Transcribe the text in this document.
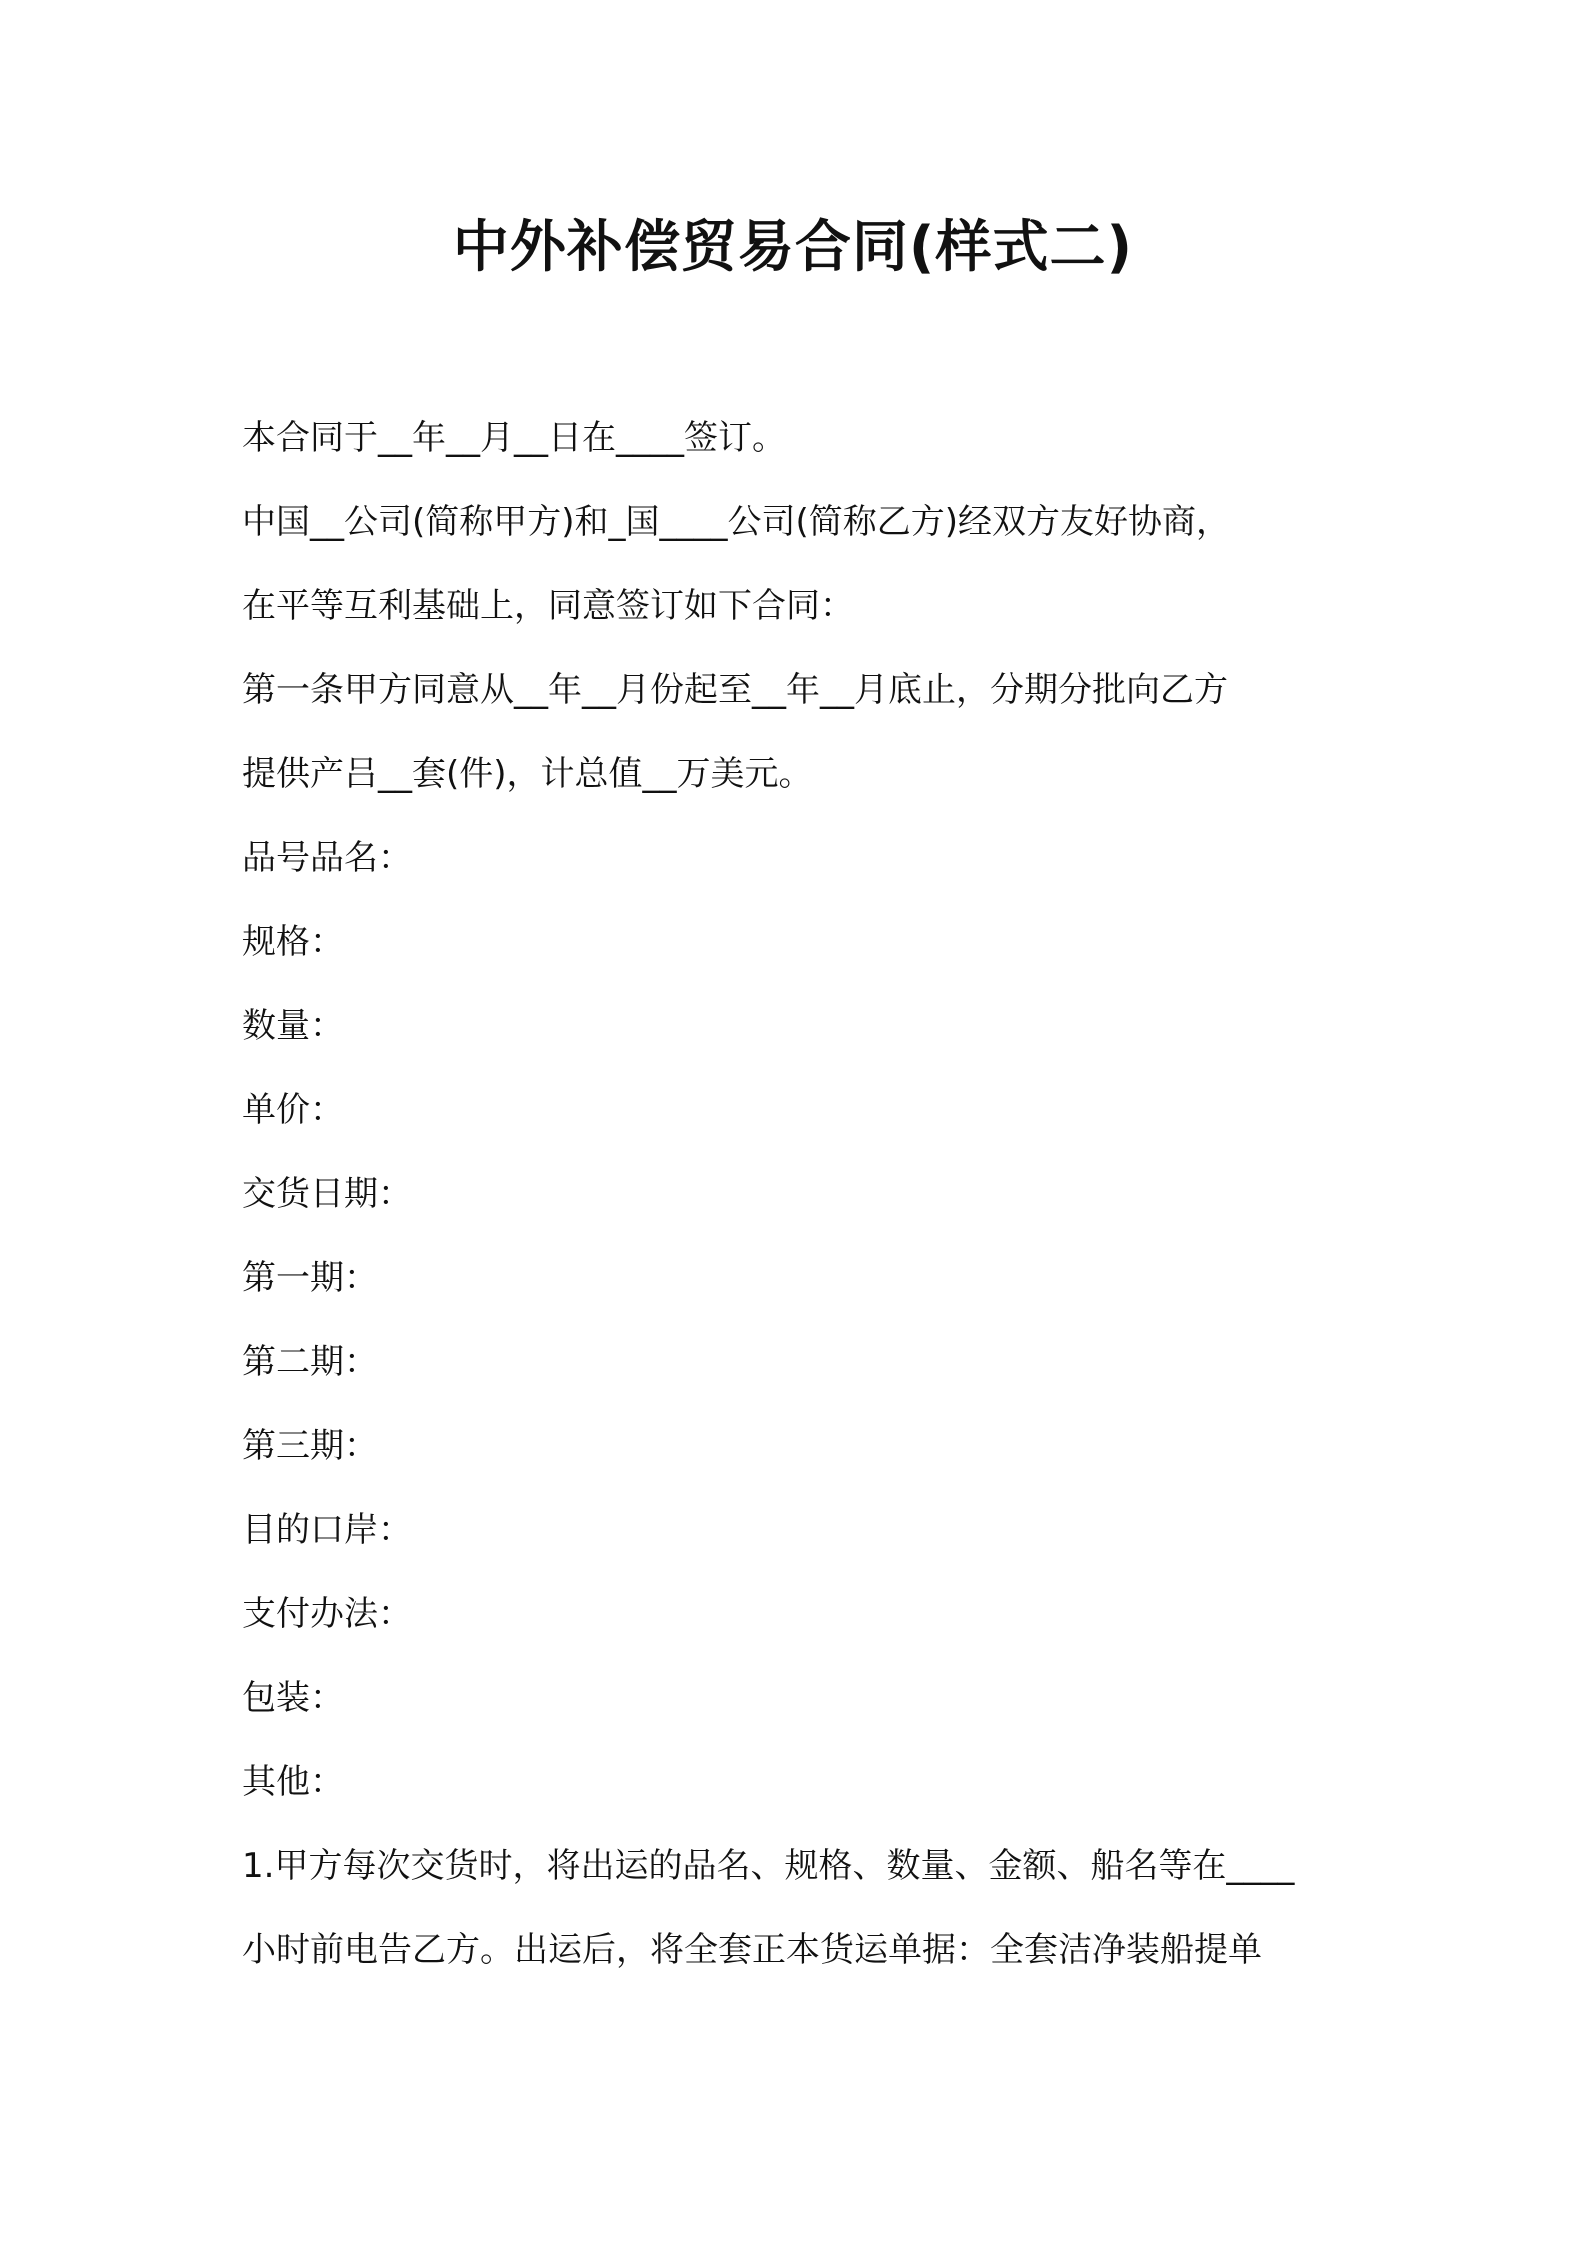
中外补偿贸易合同(样式二)
本合同于__年__月__日在____签订。
中国__公司(简称甲方)和_国____公司(简称乙方)经双方友好协商，
在平等互利基础上，同意签订如下合同：
第一条甲方同意从__年__月份起至__年__月底止，分期分批向乙方
提供产吕__套(件)，计总值__万美元。
品号品名：
规格：
数量：
单价：
交货日期：
第一期：
第二期：
第三期：
目的口岸：
支付办法：
包装：
其他：
1.甲方每次交货时，将出运的品名、规格、数量、金额、船名等在____
小时前电告乙方。出运后，将全套正本货运单据：全套洁净装船提单
